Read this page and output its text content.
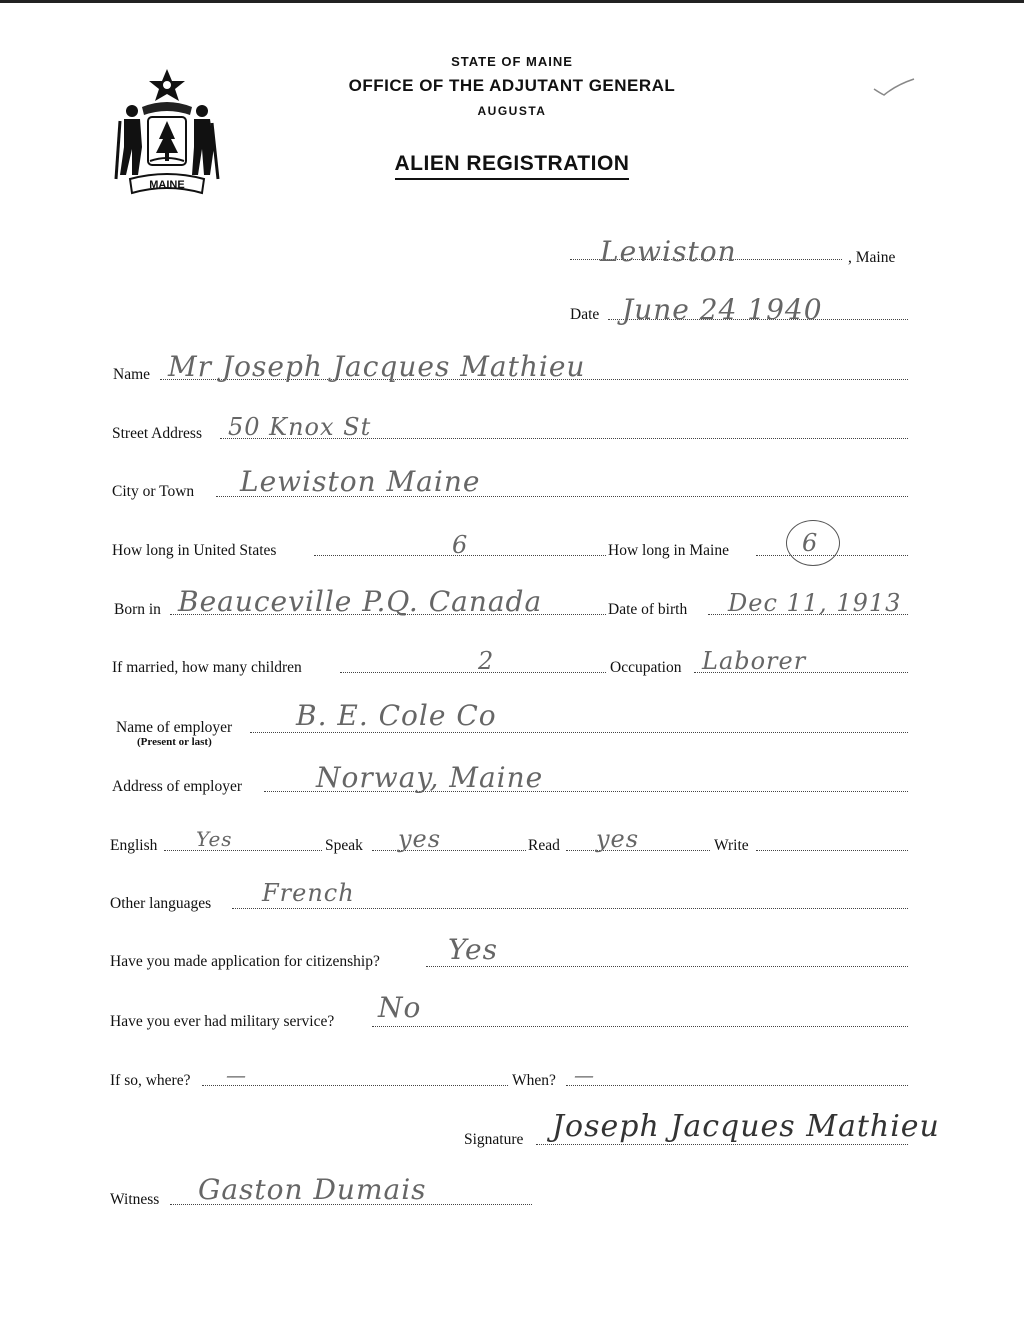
MAINE
STATE OF MAINE
OFFICE OF THE ADJUTANT GENERAL
AUGUSTA
ALIEN REGISTRATION
Lewiston	, Maine
Date June 24 1940
Name Mr Joseph Jacques Mathieu
Street Address 50 Knox St
City or Town Lewiston Maine
How long in United States	6	How long in Maine	6
Born in Beauceville P.Q. Canada	Date of birth Dec 11, 1913
If married, how many children	2	Occupation Laborer
Name of employer
(Present or last)
B. E. Cole Co
Address of employer	Norway, Maine
English Yes	Speak yes	Read yes	Write
Other languages French
Have you made application for citizenship? Yes
Have you ever had military service? No
If so, where? —	When? —
Signature Joseph Jacques Mathieu
Witness Gaston Dumais
